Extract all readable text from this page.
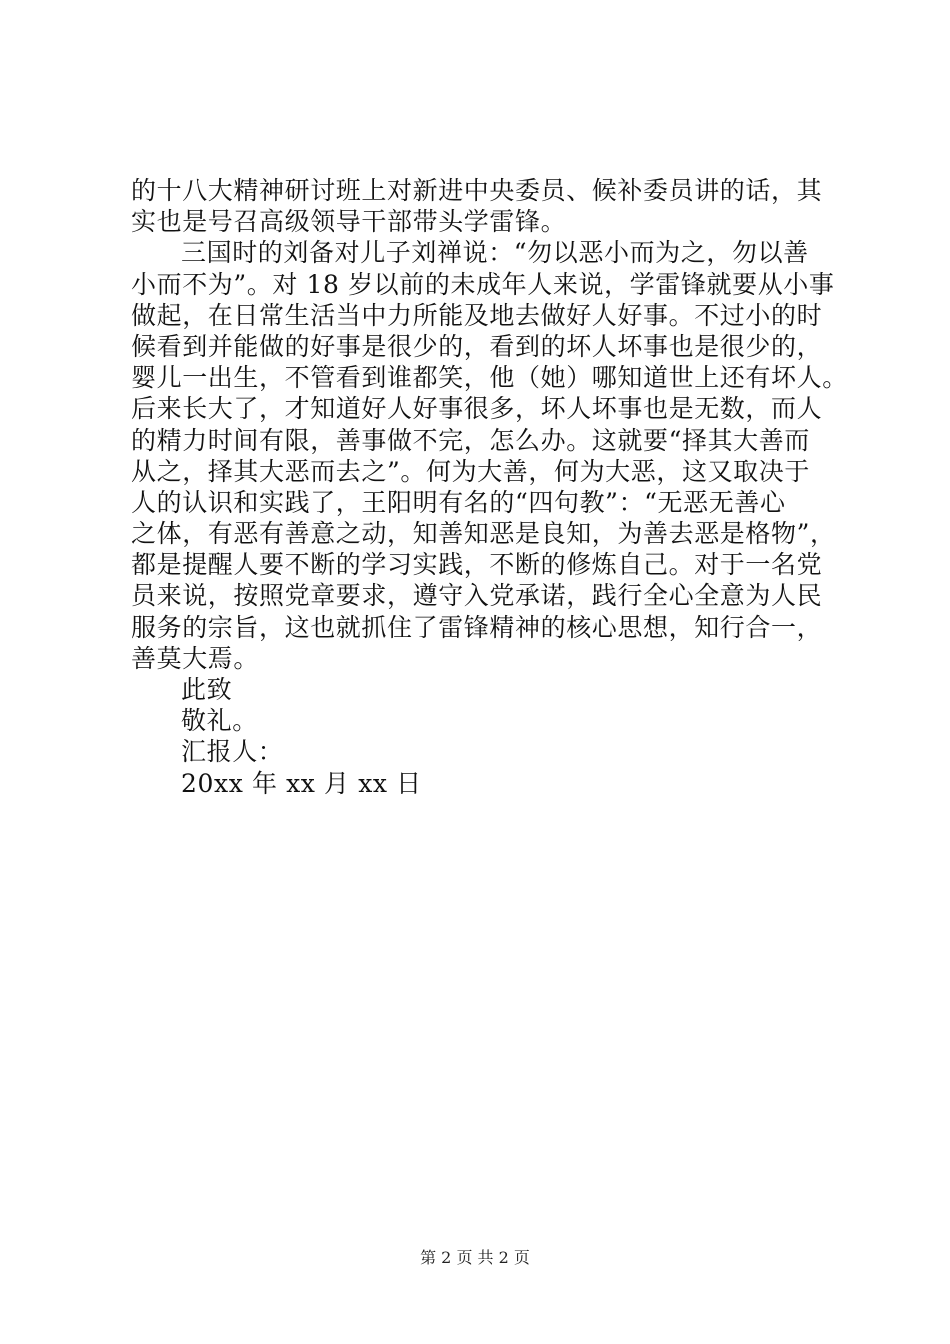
的十八大精神研讨班上对新进中央委员、候补委员讲的话，其
实也是号召高级领导干部带头学雷锋。
三国时的刘备对儿子刘禅说：“勿以恶小而为之，勿以善
小而不为”。对 18 岁以前的未成年人来说，学雷锋就要从小事
做起，在日常生活当中力所能及地去做好人好事。不过小的时
候看到并能做的好事是很少的，看到的坏人坏事也是很少的，
婴儿一出生，不管看到谁都笑，他（她）哪知道世上还有坏人。
后来长大了，才知道好人好事很多，坏人坏事也是无数，而人
的精力时间有限，善事做不完，怎么办。这就要“择其大善而
从之，择其大恶而去之”。何为大善，何为大恶，这又取决于
人的认识和实践了，王阳明有名的“四句教”：“无恶无善心
之体，有恶有善意之动，知善知恶是良知，为善去恶是格物”，
都是提醒人要不断的学习实践，不断的修炼自己。对于一名党
员来说，按照党章要求，遵守入党承诺，践行全心全意为人民
服务的宗旨，这也就抓住了雷锋精神的核心思想，知行合一，
善莫大焉。
此致
敬礼。
汇报人：
20xx 年 xx 月 xx 日
第 2 页 共 2 页
